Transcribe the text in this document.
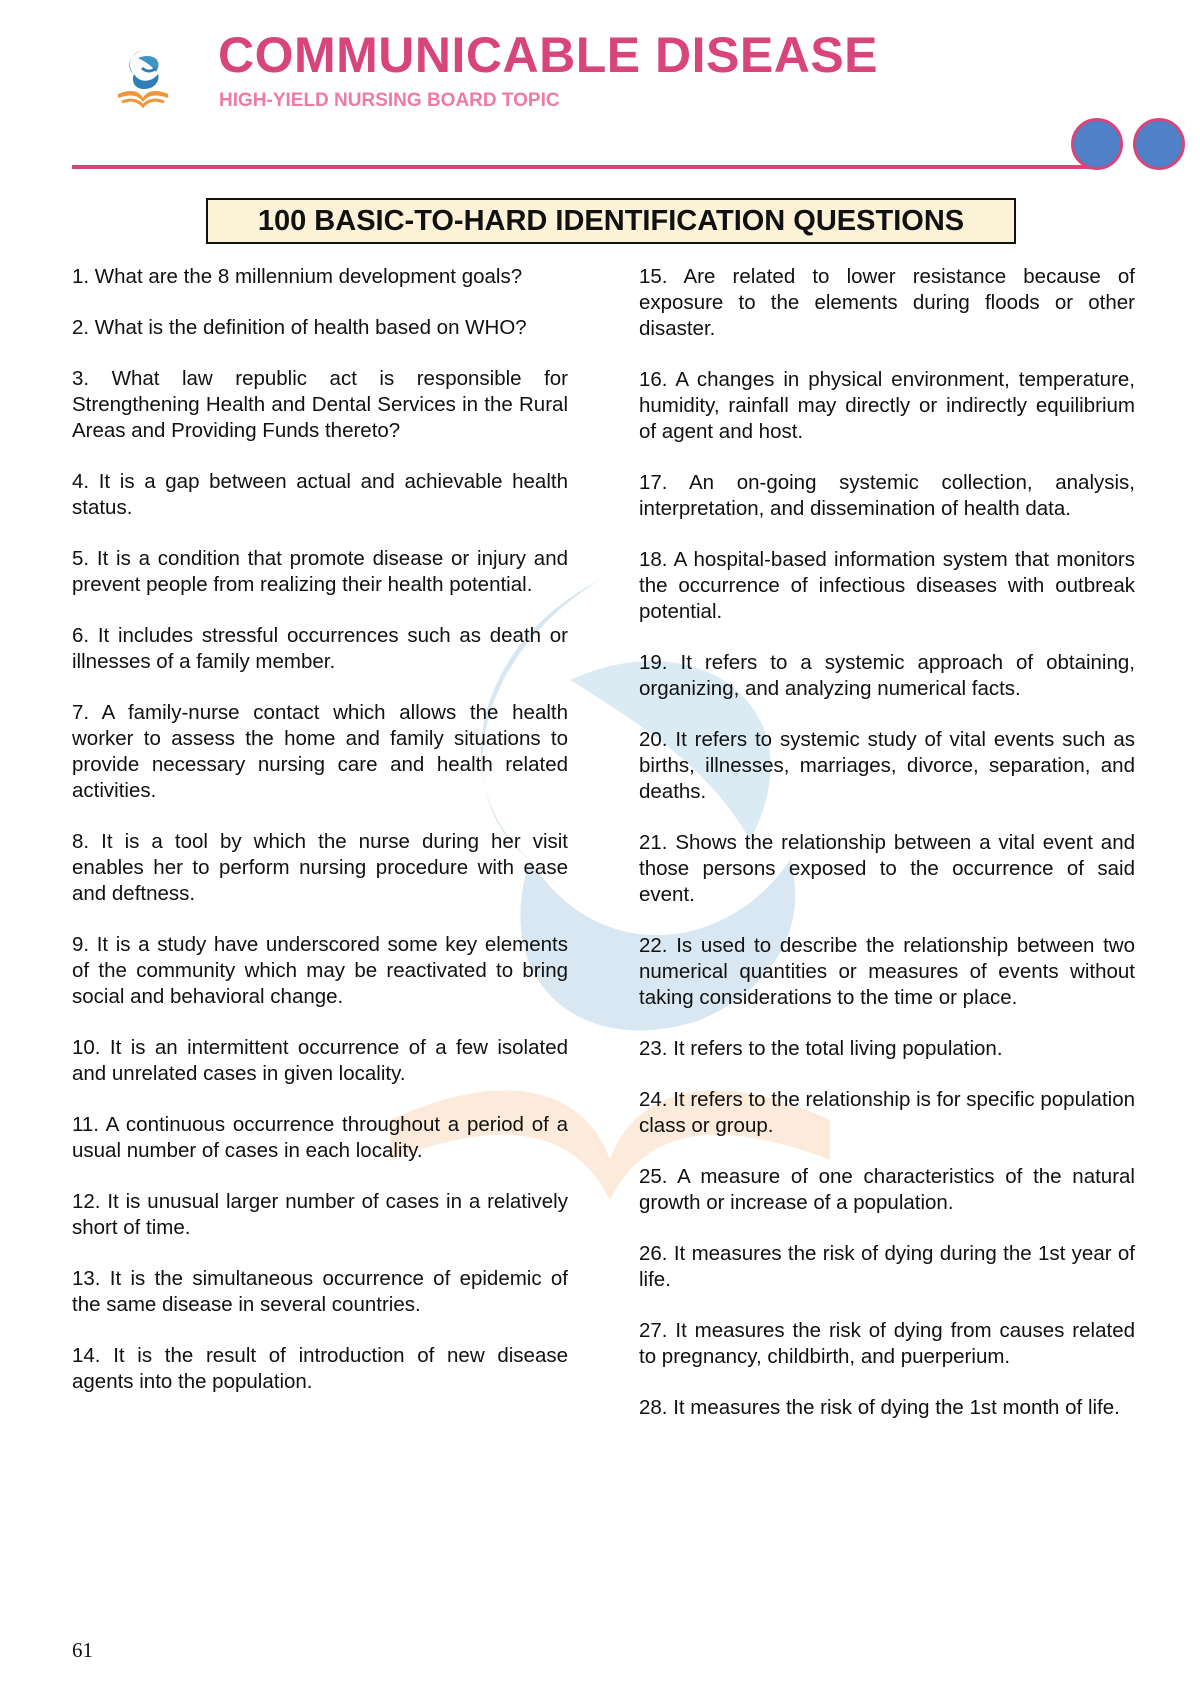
COMMUNICABLE DISEASE
HIGH-YIELD NURSING BOARD TOPIC
100 BASIC-TO-HARD IDENTIFICATION QUESTIONS

1. What are the 8 millennium development goals?

2. What is the definition of health based on WHO?

3. What law republic act is responsible for Strengthening Health and Dental Services in the Rural Areas and Providing Funds thereto?

4. It is a gap between actual and achievable health status.

5. It is a condition that promote disease or injury and prevent people from realizing their health potential.

6. It includes stressful occurrences such as death or illnesses of a family member.

7. A family-nurse contact which allows the health worker to assess the home and family situations to provide necessary nursing care and health related activities.

8. It is a tool by which the nurse during her visit enables her to perform nursing procedure with ease and deftness.

9. It is a study have underscored some key elements of the community which may be reactivated to bring social and behavioral change.

10. It is an intermittent occurrence of a few isolated and unrelated cases in given locality.

11. A continuous occurrence throughout a period of a usual number of cases in each locality.

12. It is unusual larger number of cases in a relatively short of time.

13. It is the simultaneous occurrence of epidemic of the same disease in several countries.

14. It is the result of introduction of new disease agents into the population.

15. Are related to lower resistance because of exposure to the elements during floods or other disaster.

16. A changes in physical environment, temperature, humidity, rainfall may directly or indirectly equilibrium of agent and host.

17. An on-going systemic collection, analysis, interpretation, and dissemination of health data.

18. A hospital-based information system that monitors the occurrence of infectious diseases with outbreak potential.

19. It refers to a systemic approach of obtaining, organizing, and analyzing numerical facts.

20. It refers to systemic study of vital events such as births, illnesses, marriages, divorce, separation, and deaths.

21. Shows the relationship between a vital event and those persons exposed to the occurrence of said event.

22. Is used to describe the relationship between two numerical quantities or measures of events without taking considerations to the time or place.

23. It refers to the total living population.

24. It refers to the relationship is for specific population class or group.

25. A measure of one characteristics of the natural growth or increase of a population.

26. It measures the risk of dying during the 1st year of life.

27. It measures the risk of dying from causes related to pregnancy, childbirth, and puerperium.

28. It measures the risk of dying the 1st month of life.

61
